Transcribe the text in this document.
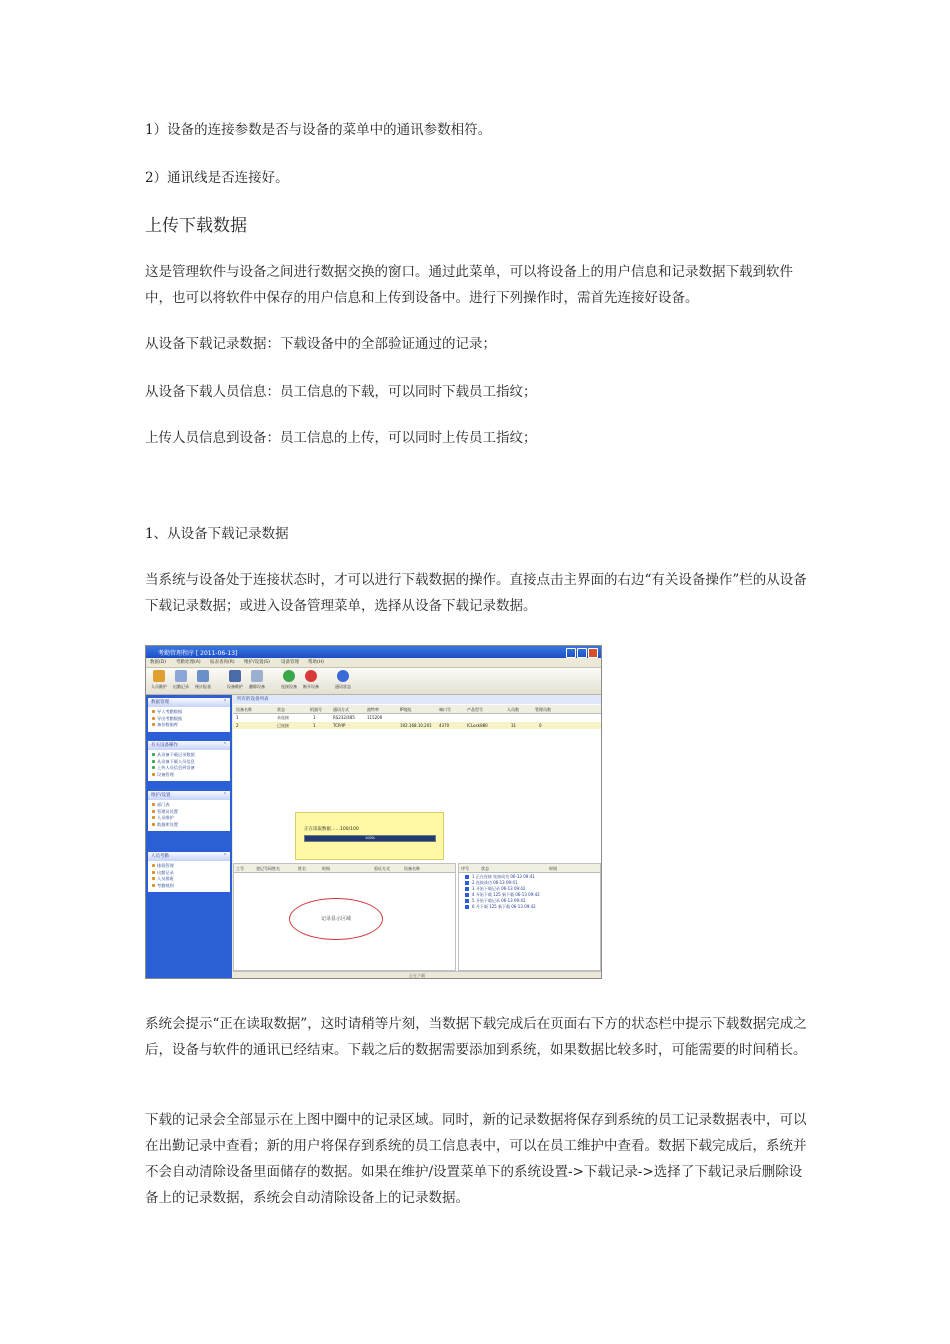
1）设备的连接参数是否与设备的菜单中的通讯参数相符。

2）通讯线是否连接好。

上传下载数据

这是管理软件与设备之间进行数据交换的窗口。通过此菜单，可以将设备上的用户信息和记录数据下载到软件中，也可以将软件中保存的用户信息和上传到设备中。进行下列操作时，需首先连接好设备。

从设备下载记录数据：下载设备中的全部验证通过的记录；

从设备下载人员信息：员工信息的下载，可以同时下载员工指纹；

上传人员信息到设备：员工信息的上传，可以同时上传员工指纹；

1、从设备下载记录数据

当系统与设备处于连接状态时，才可以进行下载数据的操作。直接点击主界面的右边“有关设备操作”栏的从设备下载记录数据；或进入设备管理菜单，选择从设备下载记录数据。

考勤管理程序 [ 2011-06-13]
数据(D) 考勤处理(A) 报表查询(R) 维护/设置(S) 设备管理 帮助(H)
人员维护 出勤记录 统计报表	设备维护 删除设备	连接设备 断开设备	通讯状态
数据管理	⌃
导入考勤数据
导出考勤数据
备份数据库
有关设备操作	⌃
从设备下载记录数据
从设备下载人员信息
上传人员信息到设备
设备管理
维护/设置	⌃
部门表
管理员设置
人员维护
数据库设置
人员考勤	⌃
排班管理
出勤记录
人员排班
考勤规则
所有的设备列表
设备名称	状态	机器号	通讯方式	波特率	IP地址	端口号	产品型号	人员数	管理员数
1	未连接	1	RS232/485	115200
2	已连接	1	TCP/IP	192.168.10.201 4370	ICLock880	31	0
正在读取数据……100/100
100%
工号	登记号码姓名	姓名	时间	验证方式	设备名称
记录显示区域
序号	状态	时间
1 正在连接 连接成功 06-13 09:41
2 连接成功 06-13 09:41
3 开始下载记录 06-13 09:42
4 开始下载 125 新下载 06-13 09:42
5 开始下载记录 06-13 09:42
6 开下载 125 新下载 06-13 09:42
正在下载

系统会提示“正在读取数据”，这时请稍等片刻，当数据下载完成后在页面右下方的状态栏中提示下载数据完成之后，设备与软件的通讯已经结束。下载之后的数据需要添加到系统，如果数据比较多时，可能需要的时间稍长。

下载的记录会全部显示在上图中圈中的记录区域。同时，新的记录数据将保存到系统的员工记录数据表中，可以在出勤记录中查看；新的用户将保存到系统的员工信息表中，可以在员工维护中查看。数据下载完成后，系统并不会自动清除设备里面储存的数据。如果在维护/设置菜单下的系统设置->下载记录->选择了下载记录后删除设备上的记录数据，系统会自动清除设备上的记录数据。
